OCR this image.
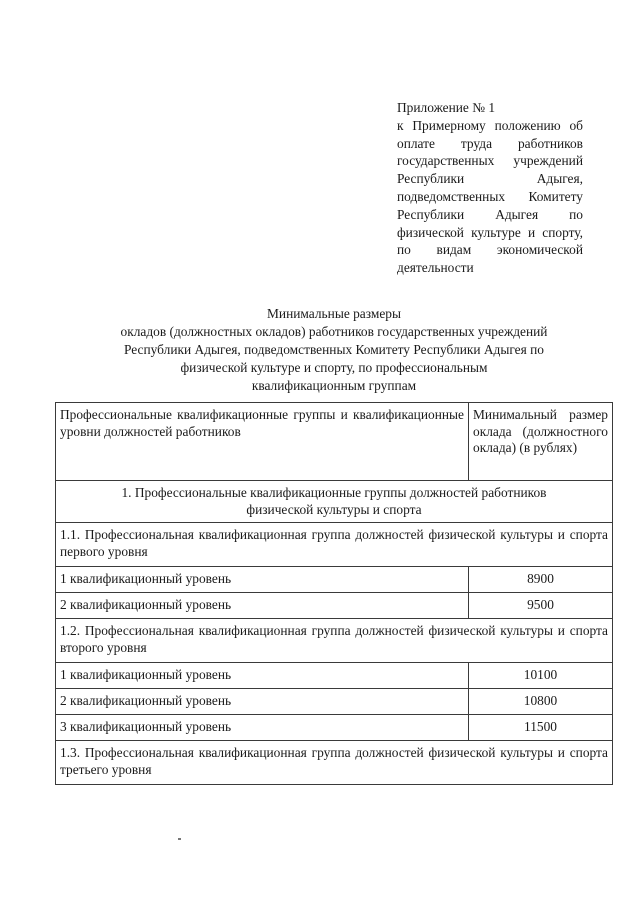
Приложение № 1
к Примерному положению об оплате труда работников государственных учреждений Республики Адыгея, подведомственных Комитету Республики Адыгея по физической культуре и спорту, по видам экономической деятельности
Минимальные размеры
окладов (должностных окладов) работников государственных учреждений
Республики Адыгея, подведомственных Комитету Республики Адыгея по
физической культуре и спорту, по профессиональным
квалификационным группам
Профессиональные квалификационные группы и квалификационные уровни должностей работников	Минимальный размер оклада (должностного оклада) (в рублях)

1. Профессиональные квалификационные группы должностей работников
физической культуры и спорта	

1.1. Профессиональная квалификационная группа должностей физической культуры и спорта первого уровня	
1 квалификационный уровень	8900
2 квалификационный уровень	9500
1.2. Профессиональная квалификационная группа должностей физической культуры и спорта второго уровня	
1 квалификационный уровень	10100
2 квалификационный уровень	10800
3 квалификационный уровень	11500
1.3. Профессиональная квалификационная группа должностей физической культуры и спорта третьего уровня	
